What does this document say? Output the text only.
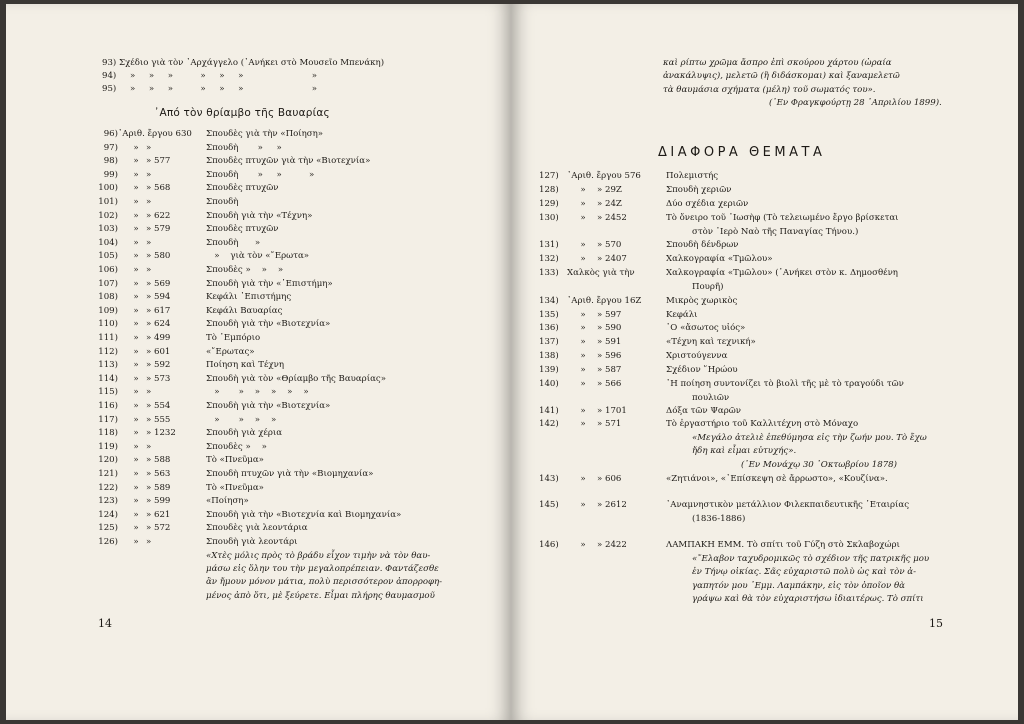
93) Σχέδιο γιὰ τὸν ᾽Αρχάγγελο (᾽Ανήκει στὸ Μουσεῖο Μπενάκη)
94)     »     »     »          »     »     »                         »
95)     »     »     »          »     »     »                         »
᾽Από τὸν θρίαμβο τῆς Βαυαρίας
96) ᾽Αριθ. ἔργου 630	Σπουδὲς γιὰ τὴν «Ποίηση»
97)	» »	Σπουδὴ       »     »
98)	» » 577	Σπουδὲς πτυχῶν γιὰ τὴν «Βιοτεχνία»
99)	» »	Σπουδὴ       »     »          »
100)	» » 568	Σπουδὲς πτυχῶν
101)	» »	Σπουδὴ
102)	» » 622	Σπουδὴ γιὰ τὴν «Τέχνη»
103)	» » 579	Σπουδὲς πτυχῶν
104)	» »	Σπουδὴ      »
105)	» » 580	»    γιὰ τὸν «῎Ερωτα»
106)	» »	Σπουδὲς »    »    »
107)	» » 569	Σπουδὴ γιὰ τὴν «᾽Επιστήμη»
108)	» » 594	Κεφάλι ᾽Επιστήμης
109)	» » 617	Κεφάλι Βαυαρίας
110)	» » 624	Σπουδὴ γιὰ τὴν «Βιοτεχνία»
111)	» » 499	Τὸ ᾽Εμπόριο
112)	» » 601	«῎Ερωτας»
113)	» » 592	Ποίηση καὶ Τέχνη
114)	» » 573	Σπουδὴ γιὰ τὸν «Θρίαμβο τῆς Βαυαρίας»
115)	» »	»       »    »    »    »    »
116)	» » 554	Σπουδὴ γιὰ τὴν «Βιοτεχνία»
117)	» » 555	»       »    »    »
118)	» » 1232	Σπουδὴ γιὰ χέρια
119)	» »	Σπουδὲς »    »
120)	» » 588	Τὸ «Πνεῦμα»
121)	» » 563	Σπουδὴ πτυχῶν γιὰ τὴν «Βιομηχανία»
122)	» » 589	Τὸ «Πνεῦμα»
123)	» » 599	«Ποίηση»
124)	» » 621	Σπουδὴ γιὰ τὴν «Βιοτεχνία καὶ Βιομηχανία»
125)	» » 572	Σπουδὲς γιὰ λεοντάρια
126)	» »	Σπουδὴ γιὰ λεοντάρι
«Χτὲς μόλις πρὸς τὸ βράδυ εἶχον τιμὴν νὰ τὸν θαυ-
μάσω εἰς ὅλην του τὴν μεγαλοπρέπειαν. Φαντάζεσθε
ἂν ἤμουν μόνον μάτια, πολὺ περισσότερον ἀπορροφη-
μένος ἀπὸ ὅτι, μὲ ξεύρετε. Εἶμαι πλήρης θαυμασμοῦ
14
καὶ ρίπτω χρῶμα ἄσπρο ἐπὶ σκούρου χάρτου (ὡραία
ἀνακάλυψις), μελετῶ (ἢ διδάσκομαι) καὶ ξαναμελετῶ
τὰ θαυμάσια σχήματα (μέλη) τοῦ σωματός του».
(᾽Εν Φραγκφούρτῃ 28 ᾽Απριλίου 1899).
ΔΙΑΦΟΡΑ ΘΕΜΑΤΑ
127) ᾽Αριθ. ἔργου 576	Πολεμιστής
128)	»	» 29Ζ	Σπουδὴ χεριῶν
129)	»	» 24Ζ	Δύο σχέδια χεριῶν
130)	»	» 2452	Τὸ ὄνειρο τοῦ ᾽Ιωσὴφ (Τὸ τελειωμένο ἔργο βρίσκεται
στὸν ᾽Ιερὸ Ναὸ τῆς Παναγίας Τήνου.)
131)	»	» 570	Σπουδὴ δένδρων
132)	»	» 2407	Χαλκογραφία «Τμῶλου»
133) Χαλκὸς γιὰ τὴν	Χαλκογραφία «Τμῶλου» (᾽Ανήκει στὸν κ. Δημοσθένη
Πουρῆ)
134) ᾽Αριθ. ἔργου 16Ζ	Μικρὸς χωρικὸς
135)	»	» 597	Κεφάλι
136)	»	» 590	῾Ο «ἄσωτος υἱός»
137)	»	» 591	«Τέχνη καὶ τεχνική»
138)	»	» 596	Χριστούγεννα
139)	»	» 587	Σχέδιον ῞Ηρώου
140)	»	» 566	῾Η ποίηση συντονίζει τὸ βιολὶ τῆς μὲ τὸ τραγούδι τῶν
πουλιῶν
141)	»	» 1701	Δόξα τῶν Ψαρῶν
142)	»	» 571	Τὸ ἐργαστήριο τοῦ Καλλιτέχνη στὸ Μόναχο
143)	»	» 606	«Ζητιάνοι», «᾽Επίσκεψη σὲ ἄρρωστο», «Κουζίνα».
145)	»	» 2612	᾽Αναμνηστικὸν μετάλλιον Φιλεκπαιδευτικῆς ῾Εταιρίας
(1836-1886)
146)	»	» 2422	ΛΑΜΠΑΚΗ ΕΜΜ. Τὸ σπίτι τοῦ Γύζη στὸ Σκλαβοχώρι
«Μεγάλο ἀτελιὲ ἐπεθύμησα εἰς τὴν ζωήν μου. Τὸ ἔχω
ἤδη καὶ εἶμαι εὐτυχής».
(᾽Εν Μονάχῳ 30 ᾽Οκτωβρίου 1878)
«῎Ελαβον ταχυδρομικῶς τὸ σχέδιον τῆς πατρικῆς μου
ἐν Τήνῳ οἰκίας. Σᾶς εὐχαριστῶ πολὺ ὡς καὶ τὸν ἀ-
γαπητόν μου ᾽Εμμ. Λαμπάκην, εἰς τὸν ὁποῖον θὰ
γράψω καὶ θὰ τὸν εὐχαριστήσω ἰδιαιτέρως. Τὸ σπίτι
15
